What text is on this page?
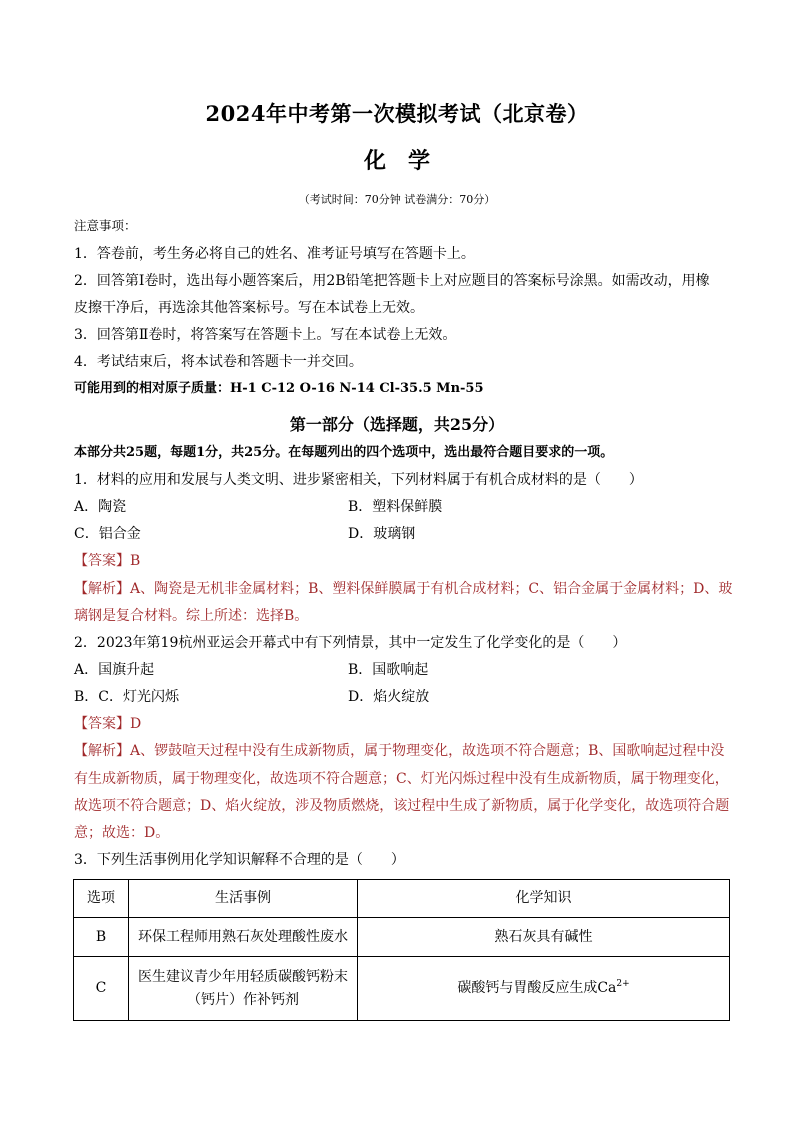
2024年中考第一次模拟考试（北京卷）
化学
（考试时间：70分钟 试卷满分：70分）
注意事项：
1．答卷前，考生务必将自己的姓名、准考证号填写在答题卡上。
2．回答第Ⅰ卷时，选出每小题答案后，用2B铅笔把答题卡上对应题目的答案标号涂黑。如需改动，用橡
皮擦干净后，再选涂其他答案标号。写在本试卷上无效。
3．回答第Ⅱ卷时，将答案写在答题卡上。写在本试卷上无效。
4．考试结束后，将本试卷和答题卡一并交回。
可能用到的相对原子质量：H-1 C-12 O-16 N-14 Cl-35.5 Mn-55
第一部分（选择题，共25分）
本部分共25题，每题1分，共25分。在每题列出的四个选项中，选出最符合题目要求的一项。
1．材料的应用和发展与人类文明、进步紧密相关，下列材料属于有机合成材料的是（　　）
A．陶瓷	B．塑料保鲜膜
C．铝合金	D．玻璃钢
【答案】B
【解析】A、陶瓷是无机非金属材料；B、塑料保鲜膜属于有机合成材料；C、铝合金属于金属材料；D、玻
璃钢是复合材料。综上所述：选择B。
2．2023年第19杭州亚运会开幕式中有下列情景，其中一定发生了化学变化的是（　　）
A．国旗升起	B．国歌响起
B．C．灯光闪烁	D．焰火绽放
【答案】D
【解析】A、锣鼓喧天过程中没有生成新物质，属于物理变化，故选项不符合题意；B、国歌响起过程中没
有生成新物质，属于物理变化，故选项不符合题意；C、灯光闪烁过程中没有生成新物质，属于物理变化，
故选项不符合题意；D、焰火绽放，涉及物质燃烧，该过程中生成了新物质，属于化学变化，故选项符合题
意；故选：D。
3．下列生活事例用化学知识解释不合理的是（　　）
选项	生活事例	化学知识
B	环保工程师用熟石灰处理酸性废水	熟石灰具有碱性
C	医生建议青少年用轻质碳酸钙粉末
（钙片）作补钙剂	碳酸钙与胃酸反应生成$Ca^{2+}$
